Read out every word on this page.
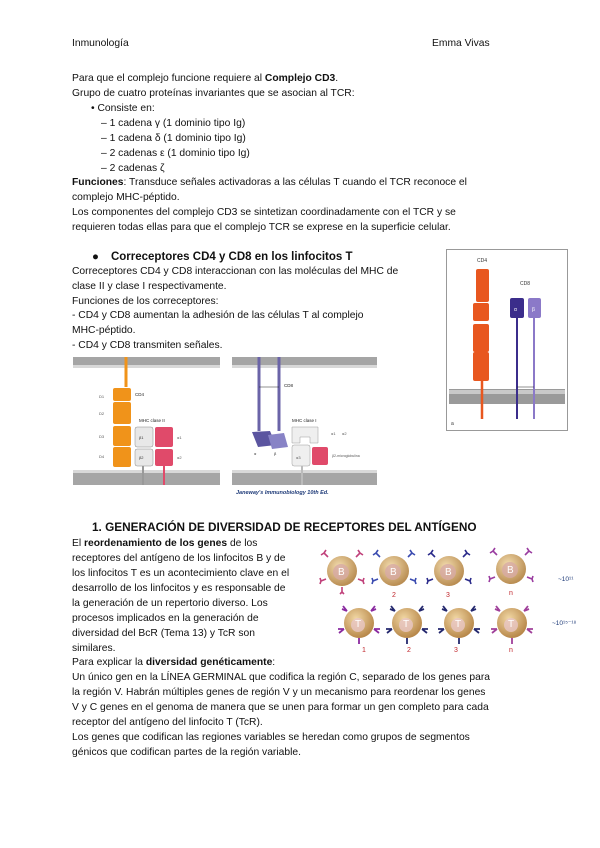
Inmunología	Emma Vivas
Para que el complejo funcione requiere al Complejo CD3.
Grupo de cuatro proteínas invariantes que se asocian al TCR:
• Consiste en:
– 1 cadena γ (1 dominio tipo Ig)
– 1 cadena δ (1 dominio tipo Ig)
– 2 cadenas ε (1 dominio tipo Ig)
– 2 cadenas ζ
Funciones: Transduce señales activadoras a las células T cuando el TCR reconoce el
complejo MHC-péptido.
Los componentes del complejo CD3 se sintetizan coordinadamente con el TCR y se
requieren todas ellas para que el complejo TCR se exprese en la superficie celular.
● Correceptores CD4 y CD8 en los linfocitos T
Correceptores CD4 y CD8 interaccionan con las moléculas del MHC de
clase II y clase I respectivamente.
Funciones de los correceptores:
- CD4 y CD8 aumentan la adhesión de las células T al complejo
MHC-péptido.
- CD4 y CD8 transmiten señales.
CD4
CD8
D1
D2
D3
D4
α	β
a
CD4
D1
D2
D3
D4
MHC clase II
β1
β2
α1
α2
CD8
α	β
MHC clase I
α1 α2
α3	β2-microglobulina
Janeway's Immunobiology 10th Ed.
1. GENERACIÓN DE DIVERSIDAD DE RECEPTORES DEL ANTÍGENO
El reordenamiento de los genes de los
receptores del antígeno de los linfocitos B y de
los linfocitos T es un acontecimiento clave en el
desarrollo de los linfocitos y es responsable de
la generación de un repertorio diverso. Los
procesos implicados en la generación de
diversidad del BcR (Tema 13) y TcR son
similares.
Para explicar la diversidad genéticamente:
Un único gen en la LÍNEA GERMINAL que codifica la región C, separado de los genes para
la región V. Habrán múltiples genes de región V y un mecanismo para reordenar los genes
V y C genes en el genoma de manera que se unen para formar un gen completo para cada
receptor del antígeno del linfocito T (TcR).
Los genes que codifican las regiones variables se heredan como grupos de segmentos
génicos que codifican partes de la región variable.
B	B	B	B
2	3	n
~10¹¹
T	T	T	T
1	2	3	n
~10¹⁵⁻¹⁸
